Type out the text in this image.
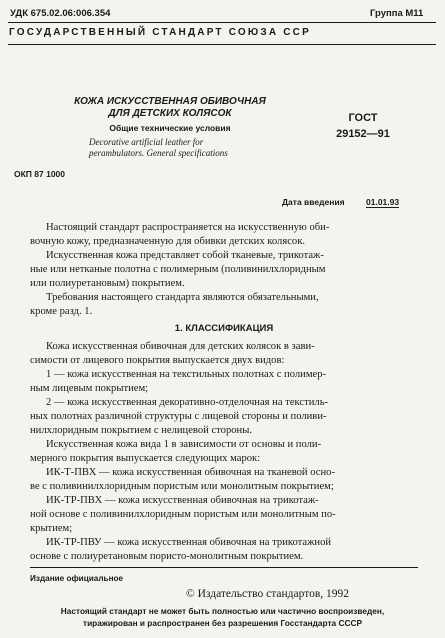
УДК 675.02.06:006.354	Группа М11
ГОСУДАРСТВЕННЫЙ СТАНДАРТ СОЮЗА ССР
КОЖА ИСКУССТВЕННАЯ ОБИВОЧНАЯ
ДЛЯ ДЕТСКИХ КОЛЯСОК
Общие технические условия
Decorative artificial leather for
perambulators. General specifications
ГОСТ
29152—91
ОКП 87 1000
Дата введения	01.01.93
Настоящий стандарт распространяется на искусственную оби-
вочную кожу, предназначенную для обивки детских колясок.
Искусственная кожа представляет собой тканевые, трикотаж-
ные или нетканые полотна с полимерным (поливинилхлоридным
или полиуретановым) покрытием.
Требования настоящего стандарта являются обязательными,
кроме разд. 1.
1. КЛАССИФИКАЦИЯ
Кожа искусственная обивочная для детских колясок в зави-
симости от лицевого покрытия выпускается двух видов:
1 — кожа искусственная на текстильных полотнах с полимер-
ным лицевым покрытием;
2 — кожа искусственная декоративно-отделочная на текстиль-
ных полотнах различной структуры с лицевой стороны и поливи-
нилхлоридным покрытием с нелицевой стороны.
Искусственная кожа вида 1 в зависимости от основы и поли-
мерного покрытия выпускается следующих марок:
ИК-Т-ПВХ — кожа искусственная обивочная на тканевой осно-
ве с поливинилхлоридным пористым или монолитным покрытием;
ИК-ТР-ПВХ — кожа искусственная обивочная на трикотаж-
ной основе с поливинилхлоридным пористым или монолитным по-
крытием;
ИК-ТР-ПВУ — кожа искусственная обивочная на трикотажной
основе с полиуретановым пористо-монолитным покрытием.
Издание официальное
© Издательство стандартов, 1992
Настоящий стандарт не может быть полностью или частично воспроизведен,
тиражирован и распространен без разрешения Госстандарта СССР
